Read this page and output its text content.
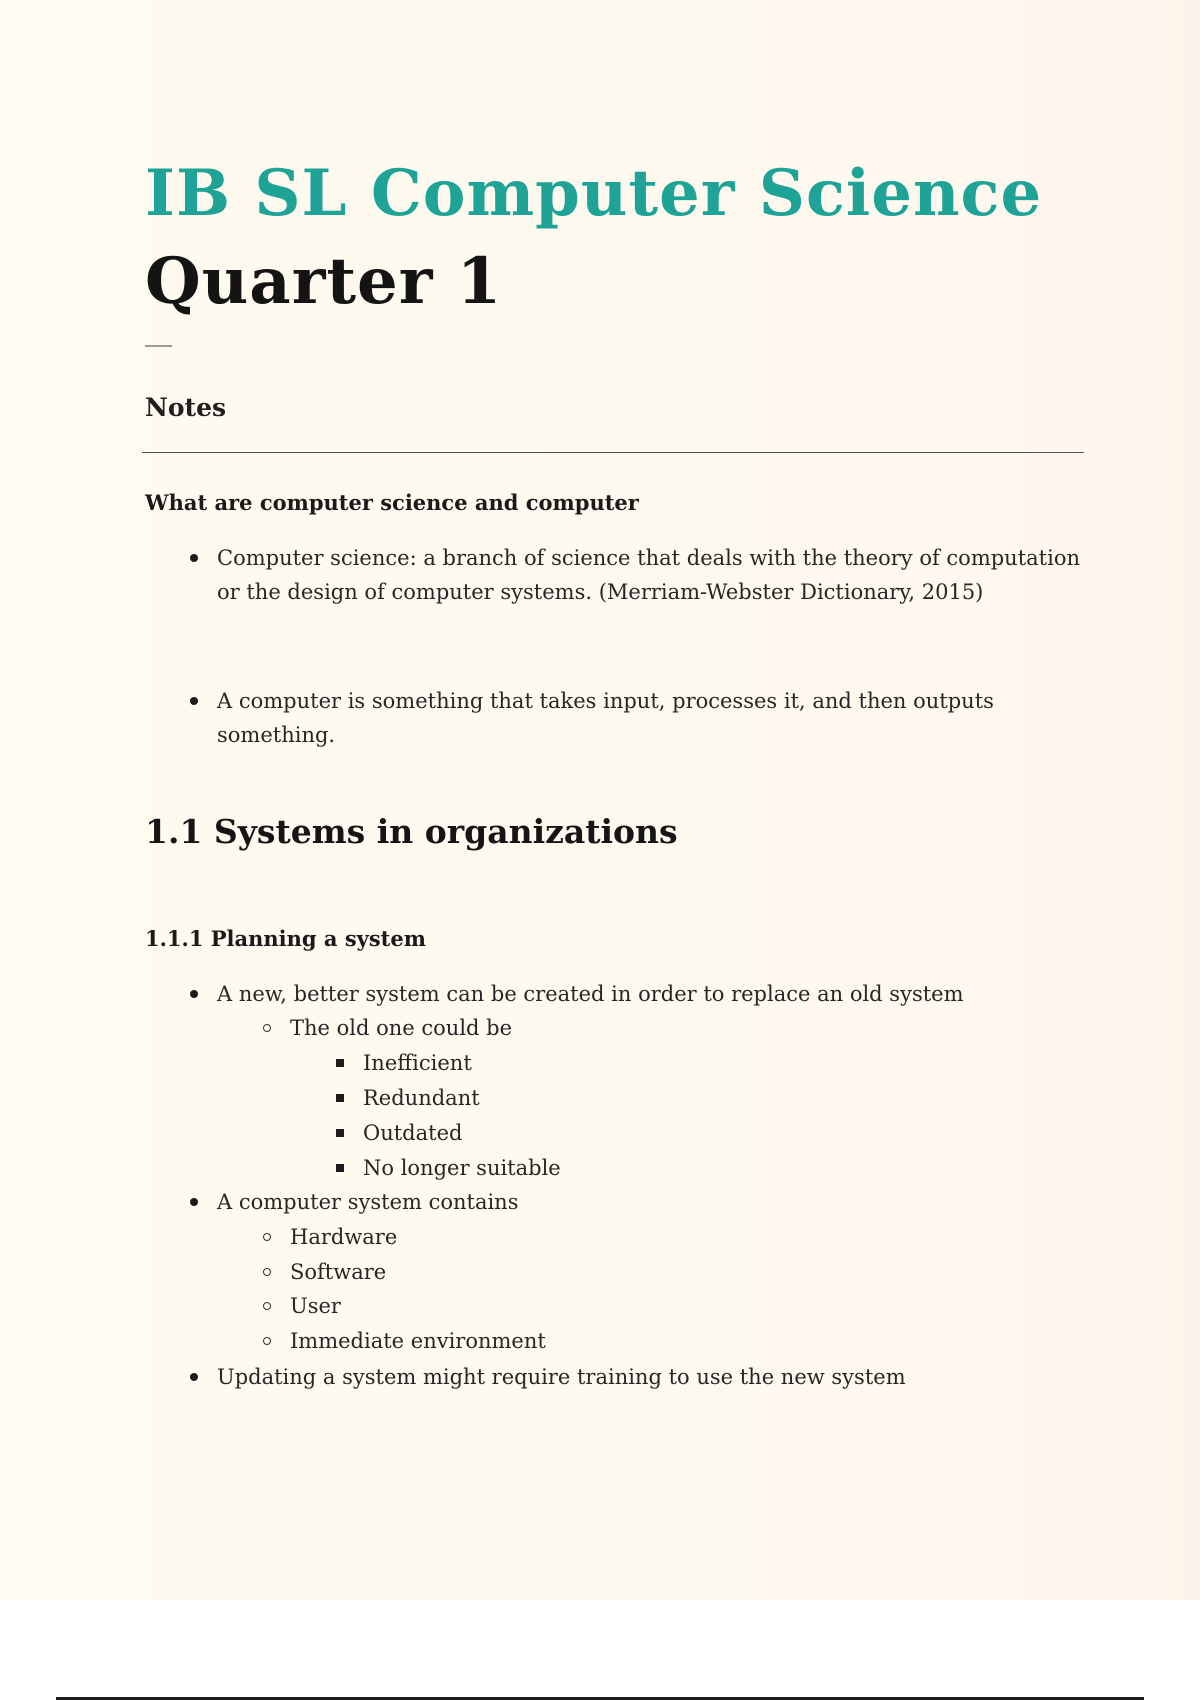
IB SL Computer Science
Quarter 1
Notes
What are computer science and computer
Computer science: a branch of science that deals with the theory of computation or the design of computer systems. (Merriam-Webster Dictionary, 2015)
A computer is something that takes input, processes it, and then outputs something.
1.1 Systems in organizations
1.1.1 Planning a system
A new, better system can be created in order to replace an old system
The old one could be
Inefficient
Redundant
Outdated
No longer suitable
A computer system contains
Hardware
Software
User
Immediate environment
Updating a system might require training to use the new system
